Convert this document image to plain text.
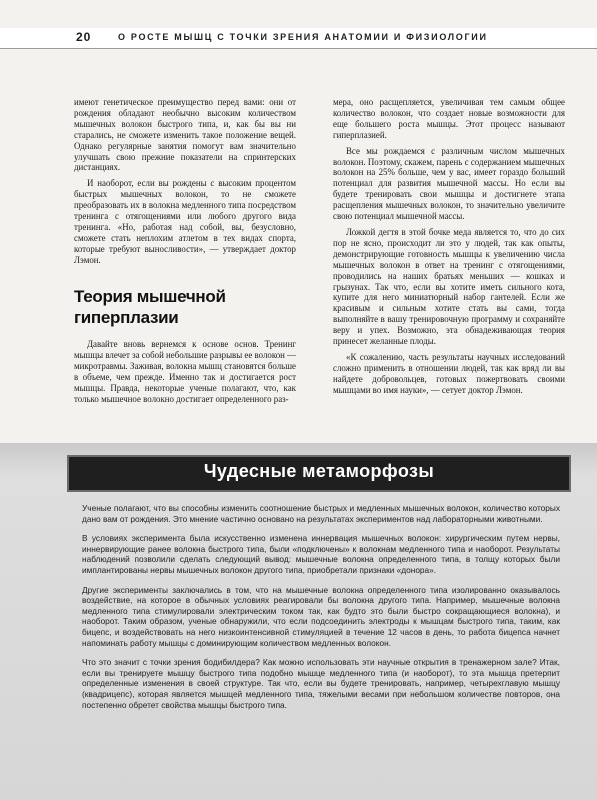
20	О РОСТЕ МЫШЦ С ТОЧКИ ЗРЕНИЯ АНАТОМИИ И ФИЗИОЛОГИИ

имеют генетическое преимущество перед вами: они от рождения обладают необычно высоким количеством мышечных волокон быстрого типа, и, как бы вы ни старались, не сможете изменить такое положение вещей. Однако регулярные занятия помогут вам значительно улучшать свою прежние показатели на спринтерских дистанциях.

И наоборот, если вы рождены с высоким процентом быстрых мышечных волокон, то не сможете преобразовать их в волокна медленного типа посредством тренинга с отягощениями или любого другого вида тренинга. «Но, работая над собой, вы, безусловно, сможете стать неплохим атлетом в тех видах спорта, которые требуют выносливости», — утверждает доктор Лэмон.

Теория мышечной
гиперплазии

Давайте вновь вернемся к основе основ. Тренинг мышцы влечет за собой небольшие разрывы ее волокон — микротравмы. Заживая, волокна мышц становятся больше в объеме, чем прежде. Именно так и достигается рост мышцы. Правда, некоторые ученые полагают, что, как только мышечное волокно достигает определенного раз-

мера, оно расщепляется, увеличивая тем самым общее количество волокон, что создает новые возможности для еще большего роста мышцы. Этот процесс называют гиперплазией.

Все мы рождаемся с различным числом мышечных волокон. Поэтому, скажем, парень с содержанием мышечных волокон на 25% больше, чем у вас, имеет гораздо больший потенциал для развития мышечной массы. Но если вы будете тренировать свои мышцы и достигнете этапа расщепления мышечных волокон, то значительно увеличите свою потенциал мышечной массы.

Ложкой дегтя в этой бочке меда является то, что до сих пор не ясно, происходит ли это у людей, так как опыты, демонстрирующие готовность мышцы к увеличению числа мышечных волокон в ответ на тренинг с отягощениями, проводились на наших братьях меньших — кошках и грызунах. Так что, если вы хотите иметь сильного кота, купите для него миниатюрный набор гантелей. Если же красивым и сильным хотите стать вы сами, тогда выполняйте в вашу тренировочную программу и сохраняйте веру и упех. Возможно, эта обнадеживающая теория принесет желанные плоды.

«К сожалению, часть результаты научных исследований сложно применить в отношении людей, так как вряд ли вы найдете добровольцев, готовых пожертвовать своими мышцами во имя науки», — сетует доктор Лэмон.

Чудесные метаморфозы

Ученые полагают, что вы способны изменить соотношение быстрых и медленных мышечных волокон, количество которых дано вам от рождения. Это мнение частично основано на результатах экспериментов над лабораторными животными.

В условиях эксперимента была искусственно изменена иннервация мышечных волокон: хирургическим путем нервы, иннервирующие ранее волокна быстрого типа, были «подключены» к волокнам медленного типа и наоборот. Результаты наблюдений позволили сделать следующий вывод: мышечные волокна определенного типа, в толщу которых были имплантированы нервы мышечных волокон другого типа, приобретали признаки «донора».

Другие эксперименты заключались в том, что на мышечные волокна определенного типа изолированно оказывалось воздействие, на которое в обычных условиях реагировали бы волокна другого типа. Например, мышечные волокна медленного типа стимулировали электрическим током так, как будто это были быстро сокращающиеся волокна), и наоборот. Таким образом, ученые обнаружили, что если подсоединить электроды к мышцам быстрого типа, таким, как бицепс, и воздействовать на него низкоинтенсивной стимуляцией в течение 12 часов в день, то работа бицепса начнет напоминать работу мышцы с доминирующим количеством медленных волокон.

Что это значит с точки зрения бодибилдера? Как можно использовать эти научные открытия в тренажерном зале? Итак, если вы тренируете мышцу быстрого типа подобно мышце медленного типа (и наоборот), то эта мышца претерпит определенные изменения в своей структуре. Так что, если вы будете тренировать, например, четырехглавую мышцу (квадрицепс), которая является мышцей медленного типа, тяжелыми весами при небольшом количестве повторов, она постепенно обретет свойства мышцы быстрого типа.
